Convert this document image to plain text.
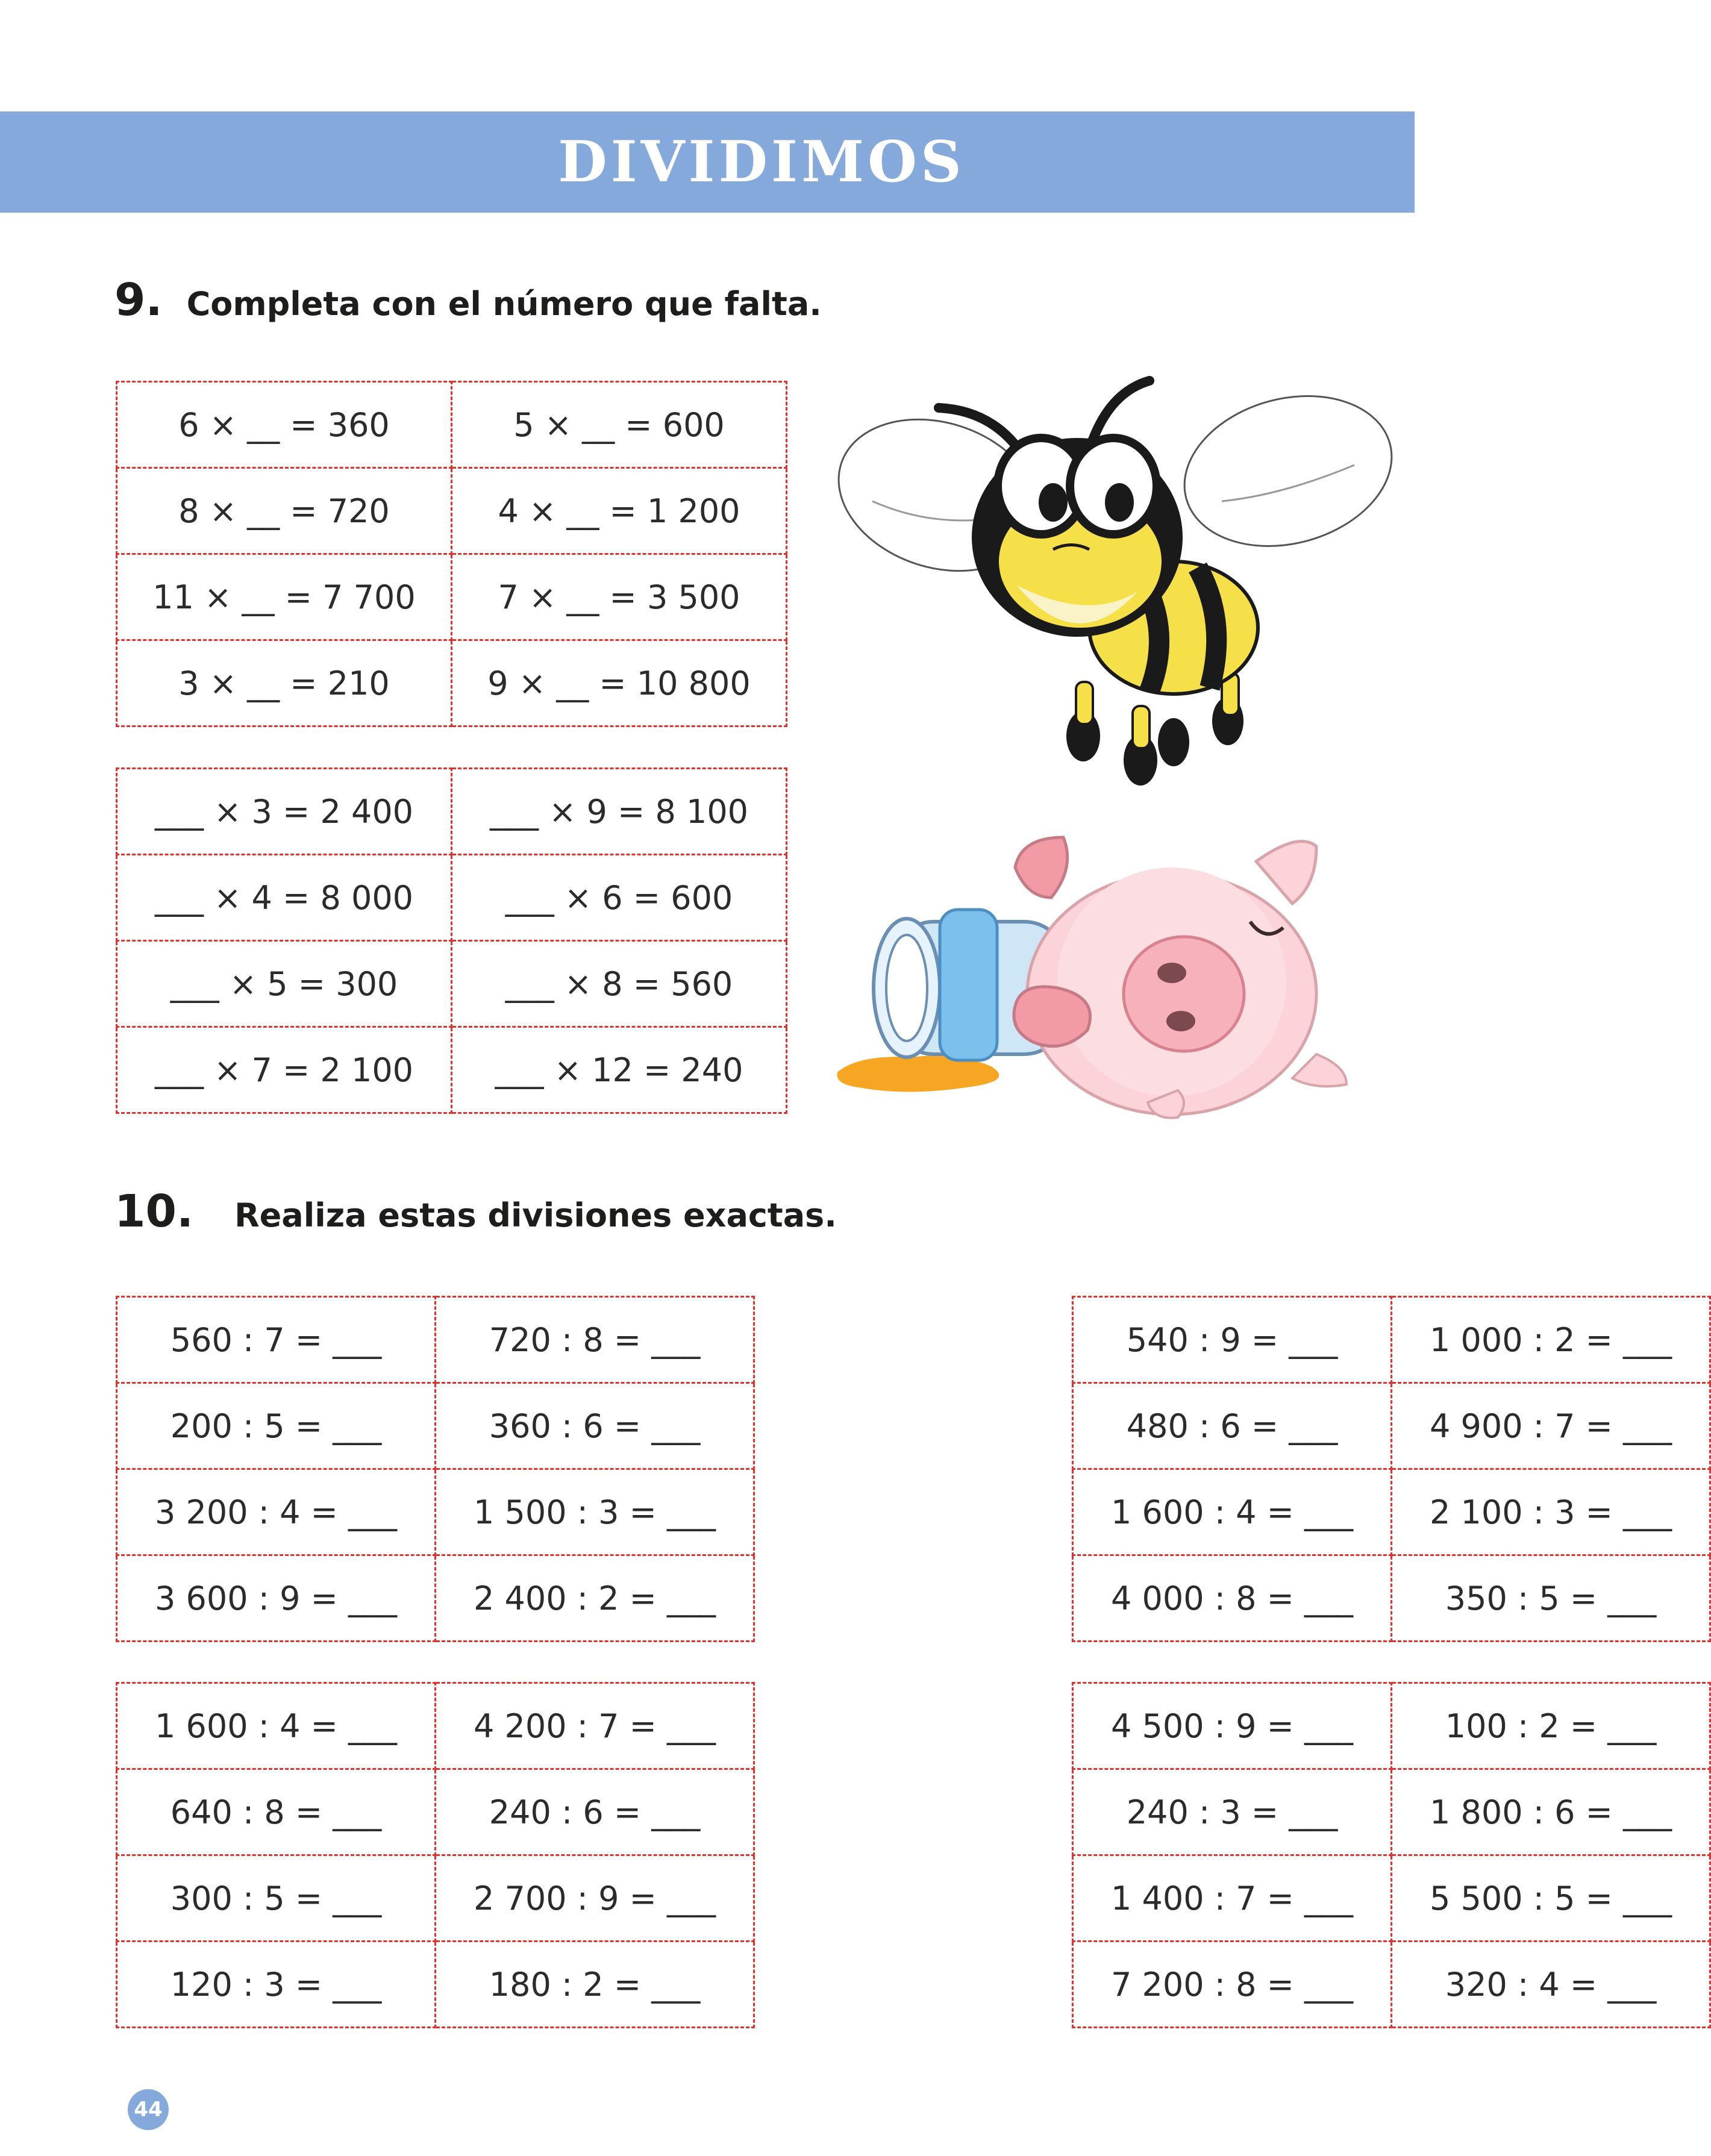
DIVIDIMOS
9. Completa con el número que falta.
6 × __ = 360	5 × __ = 600
8 × __ = 720	4 × __ = 1 200
11 × __ = 7 700	7 × __ = 3 500
3 × __ = 210	9 × __ = 10 800
___ × 3 = 2 400	___ × 9 = 8 100
___ × 4 = 8 000	___ × 6 = 600
___ × 5 = 300	___ × 8 = 560
___ × 7 = 2 100	___ × 12 = 240
10. Realiza estas divisiones exactas.
560 : 7 = ___	720 : 8 = ___		540 : 9 = ___	1 000 : 2 = ___
200 : 5 = ___	360 : 6 = ___		480 : 6 = ___	4 900 : 7 = ___
3 200 : 4 = ___	1 500 : 3 = ___		1 600 : 4 = ___	2 100 : 3 = ___
3 600 : 9 = ___	2 400 : 2 = ___		4 000 : 8 = ___	350 : 5 = ___
1 600 : 4 = ___	4 200 : 7 = ___		4 500 : 9 = ___	100 : 2 = ___
640 : 8 = ___	240 : 6 = ___		240 : 3 = ___	1 800 : 6 = ___
300 : 5 = ___	2 700 : 9 = ___		1 400 : 7 = ___	5 500 : 5 = ___
120 : 3 = ___	180 : 2 = ___		7 200 : 8 = ___	320 : 4 = ___
44
